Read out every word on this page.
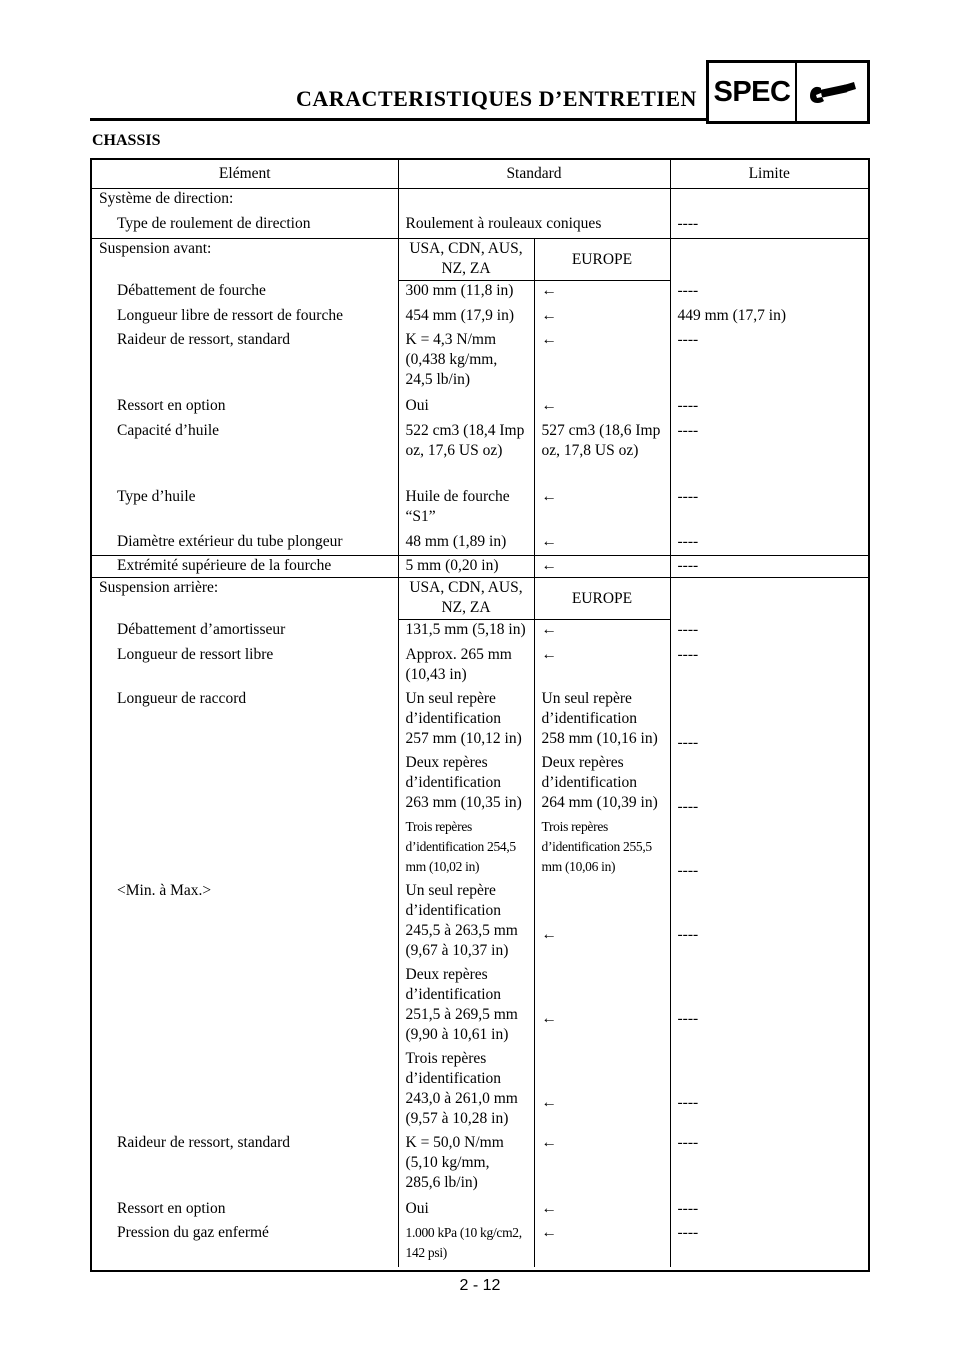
CARACTERISTIQUES D’ENTRETIEN SPEC
CHASSIS
Elément	Standard		Limite
Système de direction:			
Type de roulement de direction	Roulement à rouleaux coniques		----
Suspension avant:	USA, CDN, AUS, NZ, ZA	EUROPE	
Débattement de fourche	300 mm (11,8 in)	←	----
Longueur libre de ressort de fourche	454 mm (17,9 in)	←	449 mm (17,7 in)
Raideur de ressort, standard	K = 4,3 N/mm (0,438 kg/mm, 24,5 lb/in)	←	----
Ressort en option	Oui	←	----
Capacité d’huile	522 cm3 (18,4 Imp oz, 17,6 US oz)	527 cm3 (18,6 Imp oz, 17,8 US oz)	----
Type d’huile	Huile de fourche “S1”	←	----
Diamètre extérieur du tube plongeur	48 mm (1,89 in)	←	----
Extrémité supérieure de la fourche	5 mm (0,20 in)	←	----
Suspension arrière:	USA, CDN, AUS, NZ, ZA	EUROPE	
Débattement d’amortisseur	131,5 mm (5,18 in)	←	----
Longueur de ressort libre	Approx. 265 mm (10,43 in)	←	----
Longueur de raccord	Un seul repère d’identification 257 mm (10,12 in)	Un seul repère d’identification 258 mm (10,16 in)	----
	Deux repères d’identification 263 mm (10,35 in)	Deux repères d’identification 264 mm (10,39 in)	----
	Trois repères d’identification 254,5 mm (10,02 in)	Trois repères d’identification 255,5 mm (10,06 in)	----
<Min. à Max.>	Un seul repère d’identification 245,5 à 263,5 mm (9,67 à 10,37 in)	←	----
	Deux repères d’identification 251,5 à 269,5 mm (9,90 à 10,61 in)	←	----
	Trois repères d’identification 243,0 à 261,0 mm (9,57 à 10,28 in)	←	----
Raideur de ressort, standard	K = 50,0 N/mm (5,10 kg/mm, 285,6 lb/in)	←	----
Ressort en option	Oui	←	----
Pression du gaz enfermé	1.000 kPa (10 kg/cm2, 142 psi)	←	----

2 - 12
